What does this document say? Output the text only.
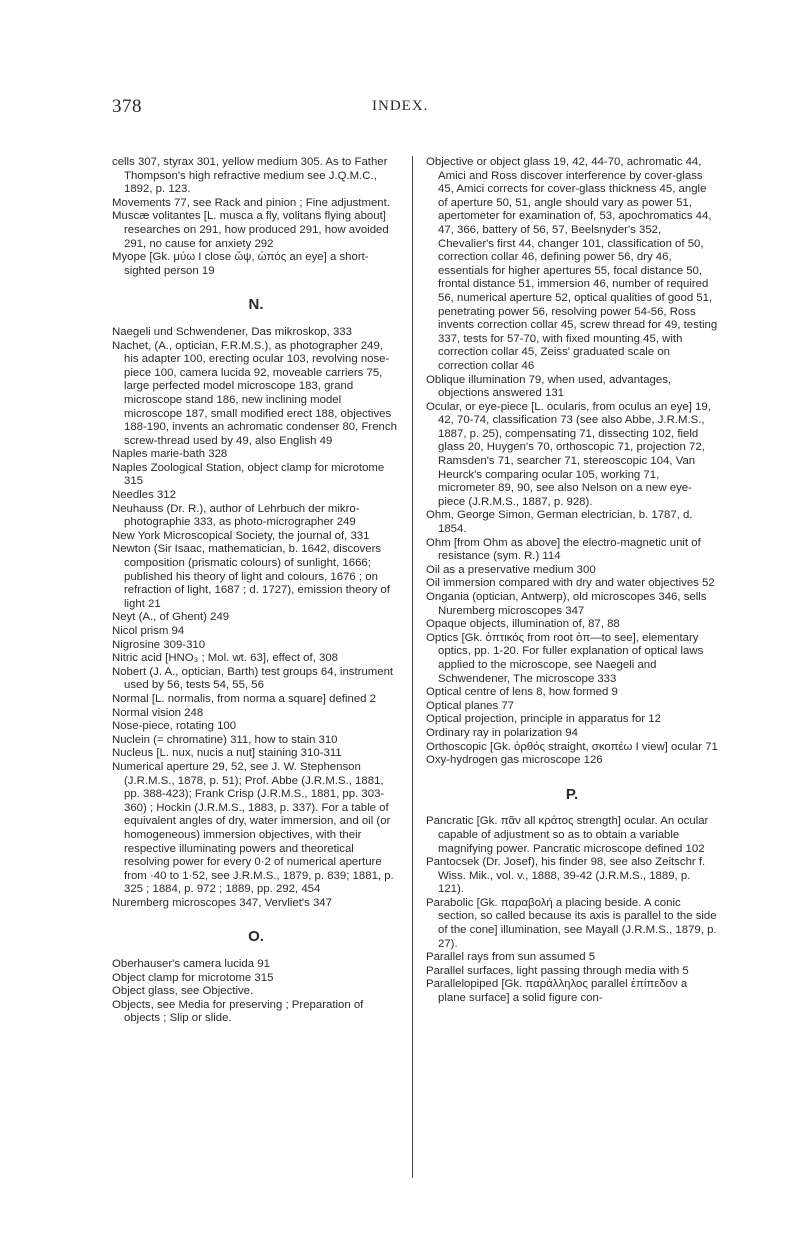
378	INDEX.

cells 307, styrax 301, yellow medium 305. As to Father Thompson's high refractive medium see J.Q.M.C., 1892, p. 123.

Movements 77, see Rack and pinion ; Fine adjustment.

Muscæ volitantes [L. musca a fly, volitans flying about] researches on 291, how produced 291, how avoided 291, no cause for anxiety 292

Myope [Gk. μύω I close ὤψ, ὠπός an eye] a short-sighted person 19

N.

Naegeli und Schwendener, Das mikroskop, 333

Nachet, (A., optician, F.R.M.S.), as photographer 249, his adapter 100, erecting ocular 103, revolving nose-piece 100, camera lucida 92, moveable carriers 75, large perfected model microscope 183, grand microscope stand 186, new inclining model microscope 187, small modified erect 188, objectives 188-190, invents an achromatic condenser 80, French screw-thread used by 49, also English 49

Naples marie-bath 328

Naples Zoological Station, object clamp for microtome 315

Needles 312

Neuhauss (Dr. R.), author of Lehrbuch der mikro-photographie 333, as photo-micrographer 249

New York Microscopical Society, the journal of, 331

Newton (Sir Isaac, mathematician, b. 1642, discovers composition (prismatic colours) of sunlight, 1666; published his theory of light and colours, 1676 ; on refraction of light, 1687 ; d. 1727), emission theory of light 21

Neyt (A., of Ghent) 249

Nicol prism 94

Nigrosine 309-310

Nitric acid [HNO₃ ; Mol. wt. 63], effect of, 308

Nobert (J. A., optician, Barth) test groups 64, instrument used by 56, tests 54, 55, 56

Normal [L. normalis, from norma a square] defined 2

Normal vision 248

Nose-piece, rotating 100

Nuclein (= chromatine) 311, how to stain 310

Nucleus [L. nux, nucis a nut] staining 310-311

Numerical aperture 29, 52, see J. W. Stephenson (J.R.M.S., 1878, p. 51); Prof. Abbe (J.R.M.S., 1881, pp. 388-423); Frank Crisp (J.R.M.S., 1881, pp. 303-360) ; Hockin (J.R.M.S., 1883, p. 337). For a table of equivalent angles of dry, water immersion, and oil (or homogeneous) immersion objectives, with their respective illuminating powers and theoretical resolving power for every 0·2 of numerical aperture from ·40 to 1·52, see J.R.M.S., 1879, p. 839; 1881, p. 325 ; 1884, p. 972 ; 1889, pp. 292, 454

Nuremberg microscopes 347, Vervliet's 347

O.

Oberhauser's camera lucida 91

Object clamp for microtome 315

Object glass, see Objective.

Objects, see Media for preserving ; Preparation of objects ; Slip or slide.

Objective or object glass 19, 42, 44-70, achromatic 44, Amici and Ross discover interference by cover-glass 45, Amici corrects for cover-glass thickness 45, angle of aperture 50, 51, angle should vary as power 51, apertometer for examination of, 53, apochromatics 44, 47, 366, battery of 56, 57, Beelsnyder's 352, Chevalier's first 44, changer 101, classification of 50, correction collar 46, defining power 56, dry 46, essentials for higher apertures 55, focal distance 50, frontal distance 51, immersion 46, number of required 56, numerical aperture 52, optical qualities of good 51, penetrating power 56, resolving power 54-56, Ross invents correction collar 45, screw thread for 49, testing 337, tests for 57-70, with fixed mounting 45, with correction collar 45, Zeiss' graduated scale on correction collar 46

Oblique illumination 79, when used, advantages, objections answered 131

Ocular, or eye-piece [L. ocularis, from oculus an eye] 19, 42, 70-74, classification 73 (see also Abbe, J.R.M.S., 1887, p. 25), compensating 71, dissecting 102, field glass 20, Huygen's 70, orthoscopic 71, projection 72, Ramsden's 71, searcher 71, stereoscopic 104, Van Heurck's comparing ocular 105, working 71, micrometer 89, 90, see also Nelson on a new eye-piece (J.R.M.S., 1887, p. 928).

Ohm, George Simon, German electrician, b. 1787, d. 1854.

Ohm [from Ohm as above] the electro-magnetic unit of resistance (sym. R.) 114

Oil as a preservative medium 300

Oil immersion compared with dry and water objectives 52

Ongania (optician, Antwerp), old microscopes 346, sells Nuremberg microscopes 347

Opaque objects, illumination of, 87, 88

Optics [Gk. ὀπτικός from root ὀπ—to see], elementary optics, pp. 1-20. For fuller explanation of optical laws applied to the microscope, see Naegeli and Schwendener, The microscope 333

Optical centre of lens 8, how formed 9

Optical planes 77

Optical projection, principle in apparatus for 12

Ordinary ray in polarization 94

Orthoscopic [Gk. ὀρθός straight, σκοπέω I view] ocular 71

Oxy-hydrogen gas microscope 126

P.

Pancratic [Gk. πᾶν all κράτος strength] ocular. An ocular capable of adjustment so as to obtain a variable magnifying power. Pancratic microscope defined 102

Pantocsek (Dr. Josef), his finder 98, see also Zeitschr f. Wiss. Mik., vol. v., 1888, 39-42 (J.R.M.S., 1889, p. 121).

Parabolic [Gk. παραβολή a placing beside. A conic section, so called because its axis is parallel to the side of the cone] illumination, see Mayall (J.R.M.S., 1879, p. 27).

Parallel rays from sun assumed 5

Parallel surfaces, light passing through media with 5

Parallelopiped [Gk. παράλληλος parallel ἐπίπεδον a plane surface] a solid figure con-
